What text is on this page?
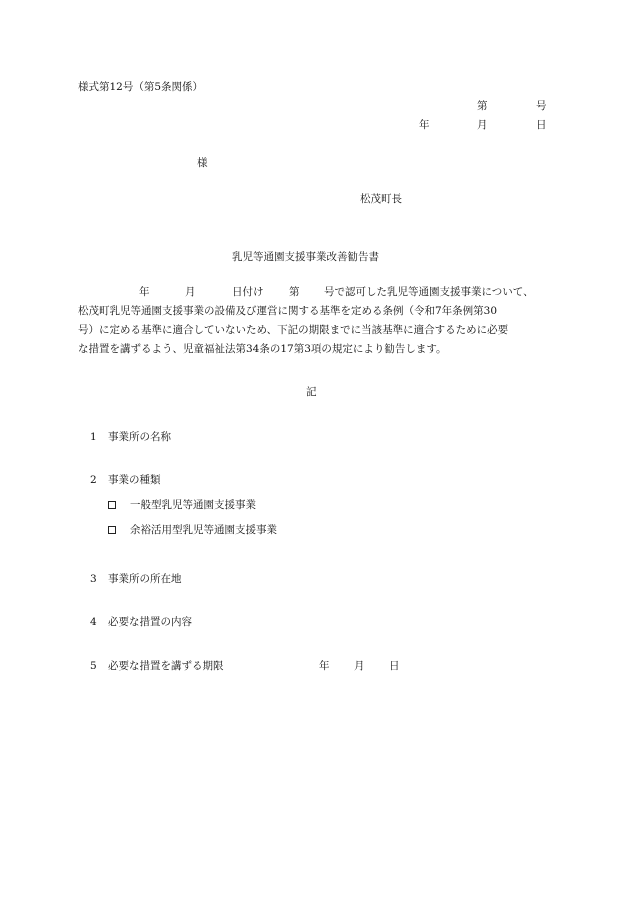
様式第12号（第5条関係）
第	号
年	月	日
様
松茂町長
乳児等通園支援事業改善勧告書
年	月	日付け 第 号で認可した乳児等通園支援事業について、
松茂町乳児等通園支援事業の設備及び運営に関する基準を定める条例（令和7年条例第30
号）に定める基準に適合していないため、下記の期限までに当該基準に適合するために必要
な措置を講ずるよう、児童福祉法第34条の17第3項の規定により勧告します。
記
1 事業所の名称
2 事業の種類
一般型乳児等通園支援事業
余裕活用型乳児等通園支援事業
3 事業所の所在地
4 必要な措置の内容
5 必要な措置を講ずる期限	年 月 日
